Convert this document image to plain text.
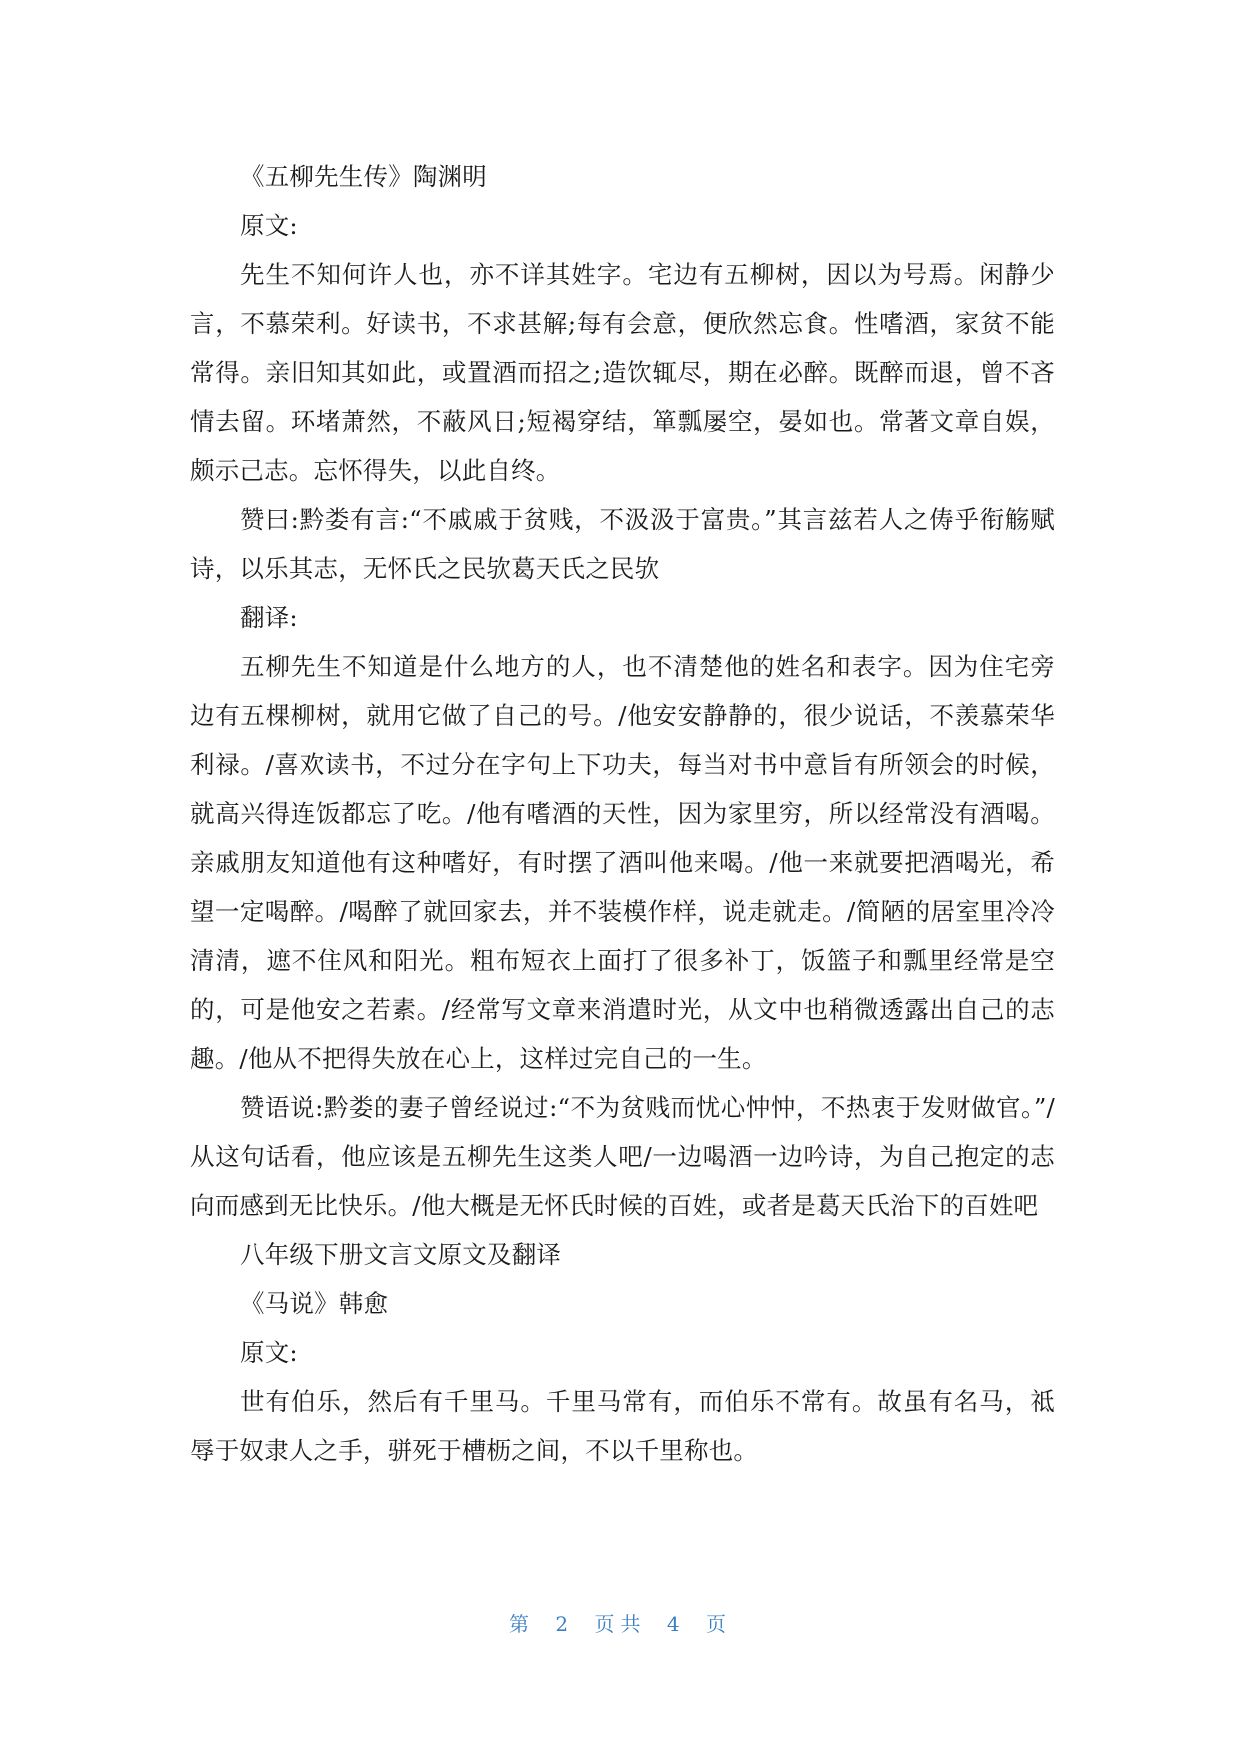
《五柳先生传》陶渊明

原文:

先生不知何许人也，亦不详其姓字。宅边有五柳树，因以为号焉。闲静少言，不慕荣利。好读书，不求甚解;每有会意，便欣然忘食。性嗜酒，家贫不能常得。亲旧知其如此，或置酒而招之;造饮辄尽，期在必醉。既醉而退，曾不吝情去留。环堵萧然，不蔽风日;短褐穿结，箪瓢屡空，晏如也。常著文章自娱，颇示己志。忘怀得失，以此自终。

赞曰:黔娄有言:“不戚戚于贫贱，不汲汲于富贵。”其言兹若人之俦乎衔觞赋诗，以乐其志，无怀氏之民欤葛天氏之民欤

翻译:

五柳先生不知道是什么地方的人，也不清楚他的姓名和表字。因为住宅旁边有五棵柳树，就用它做了自己的号。/他安安静静的，很少说话，不羡慕荣华利禄。/喜欢读书，不过分在字句上下功夫，每当对书中意旨有所领会的时候，就高兴得连饭都忘了吃。/他有嗜酒的天性，因为家里穷，所以经常没有酒喝。亲戚朋友知道他有这种嗜好，有时摆了酒叫他来喝。/他一来就要把酒喝光，希望一定喝醉。/喝醉了就回家去，并不装模作样，说走就走。/简陋的居室里冷冷清清，遮不住风和阳光。粗布短衣上面打了很多补丁，饭篮子和瓢里经常是空的，可是他安之若素。/经常写文章来消遣时光，从文中也稍微透露出自己的志趣。/他从不把得失放在心上，这样过完自己的一生。

赞语说:黔娄的妻子曾经说过:“不为贫贱而忧心忡忡，不热衷于发财做官。”/从这句话看，他应该是五柳先生这类人吧/一边喝酒一边吟诗，为自己抱定的志向而感到无比快乐。/他大概是无怀氏时候的百姓，或者是葛天氏治下的百姓吧

八年级下册文言文原文及翻译

《马说》韩愈

原文:

世有伯乐，然后有千里马。千里马常有，而伯乐不常有。故虽有名马，祗辱于奴隶人之手，骈死于槽枥之间，不以千里称也。

第 2 页共 4 页
